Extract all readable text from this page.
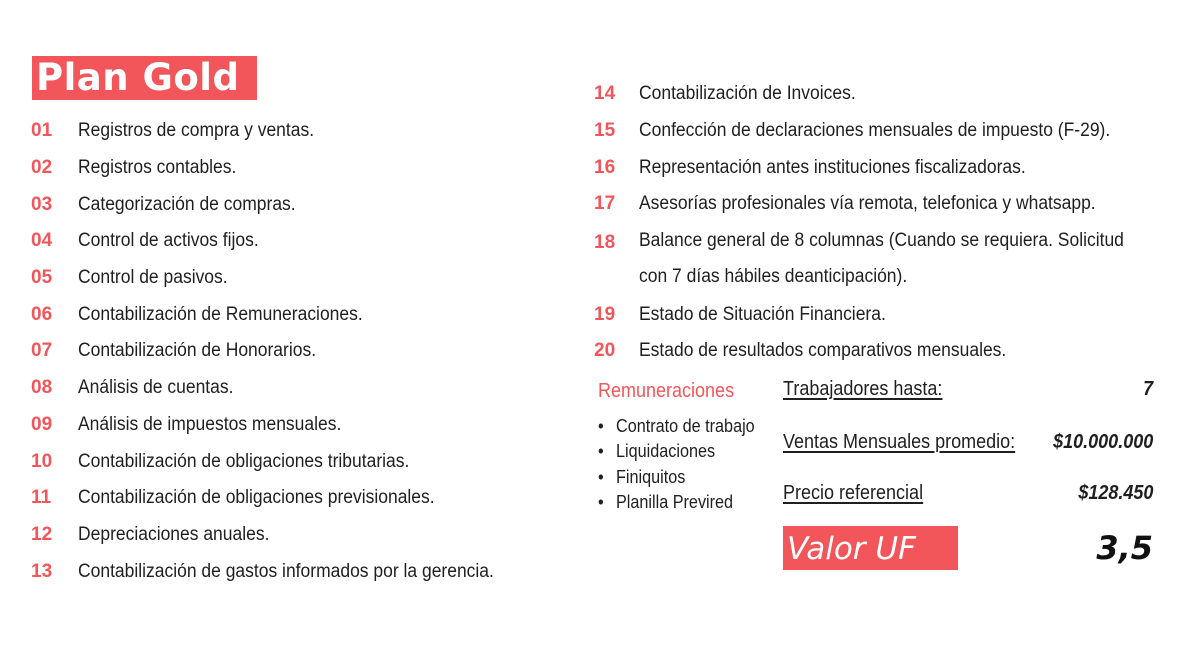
Plan Gold
01	Registros de compra y ventas.
02	Registros contables.
03	Categorización de compras.
04	Control de activos fijos.
05	Control de pasivos.
06	Contabilización de Remuneraciones.
07	Contabilización de Honorarios.
08	Análisis de cuentas.
09	Análisis de impuestos mensuales.
10	Contabilización de obligaciones tributarias.
11	Contabilización de obligaciones previsionales.
12	Depreciaciones anuales.
13	Contabilización de gastos informados por la gerencia.
14	Contabilización de Invoices.
15	Confección de declaraciones mensuales de impuesto (F-29).
16	Representación antes instituciones fiscalizadoras.
17	Asesorías profesionales vía remota, telefonica y whatsapp.
18	Balance general de 8 columnas (Cuando se requiera. Solicitud
con 7 días hábiles deanticipación).
19	Estado de Situación Financiera.
20	Estado de resultados comparativos mensuales.
Remuneraciones
• Contrato de trabajo
• Liquidaciones
• Finiquitos
• Planilla Previred
Trabajadores hasta:	7
Ventas Mensuales promedio: $10.000.000
Precio referencial	$128.450
Valor UF	3,5
